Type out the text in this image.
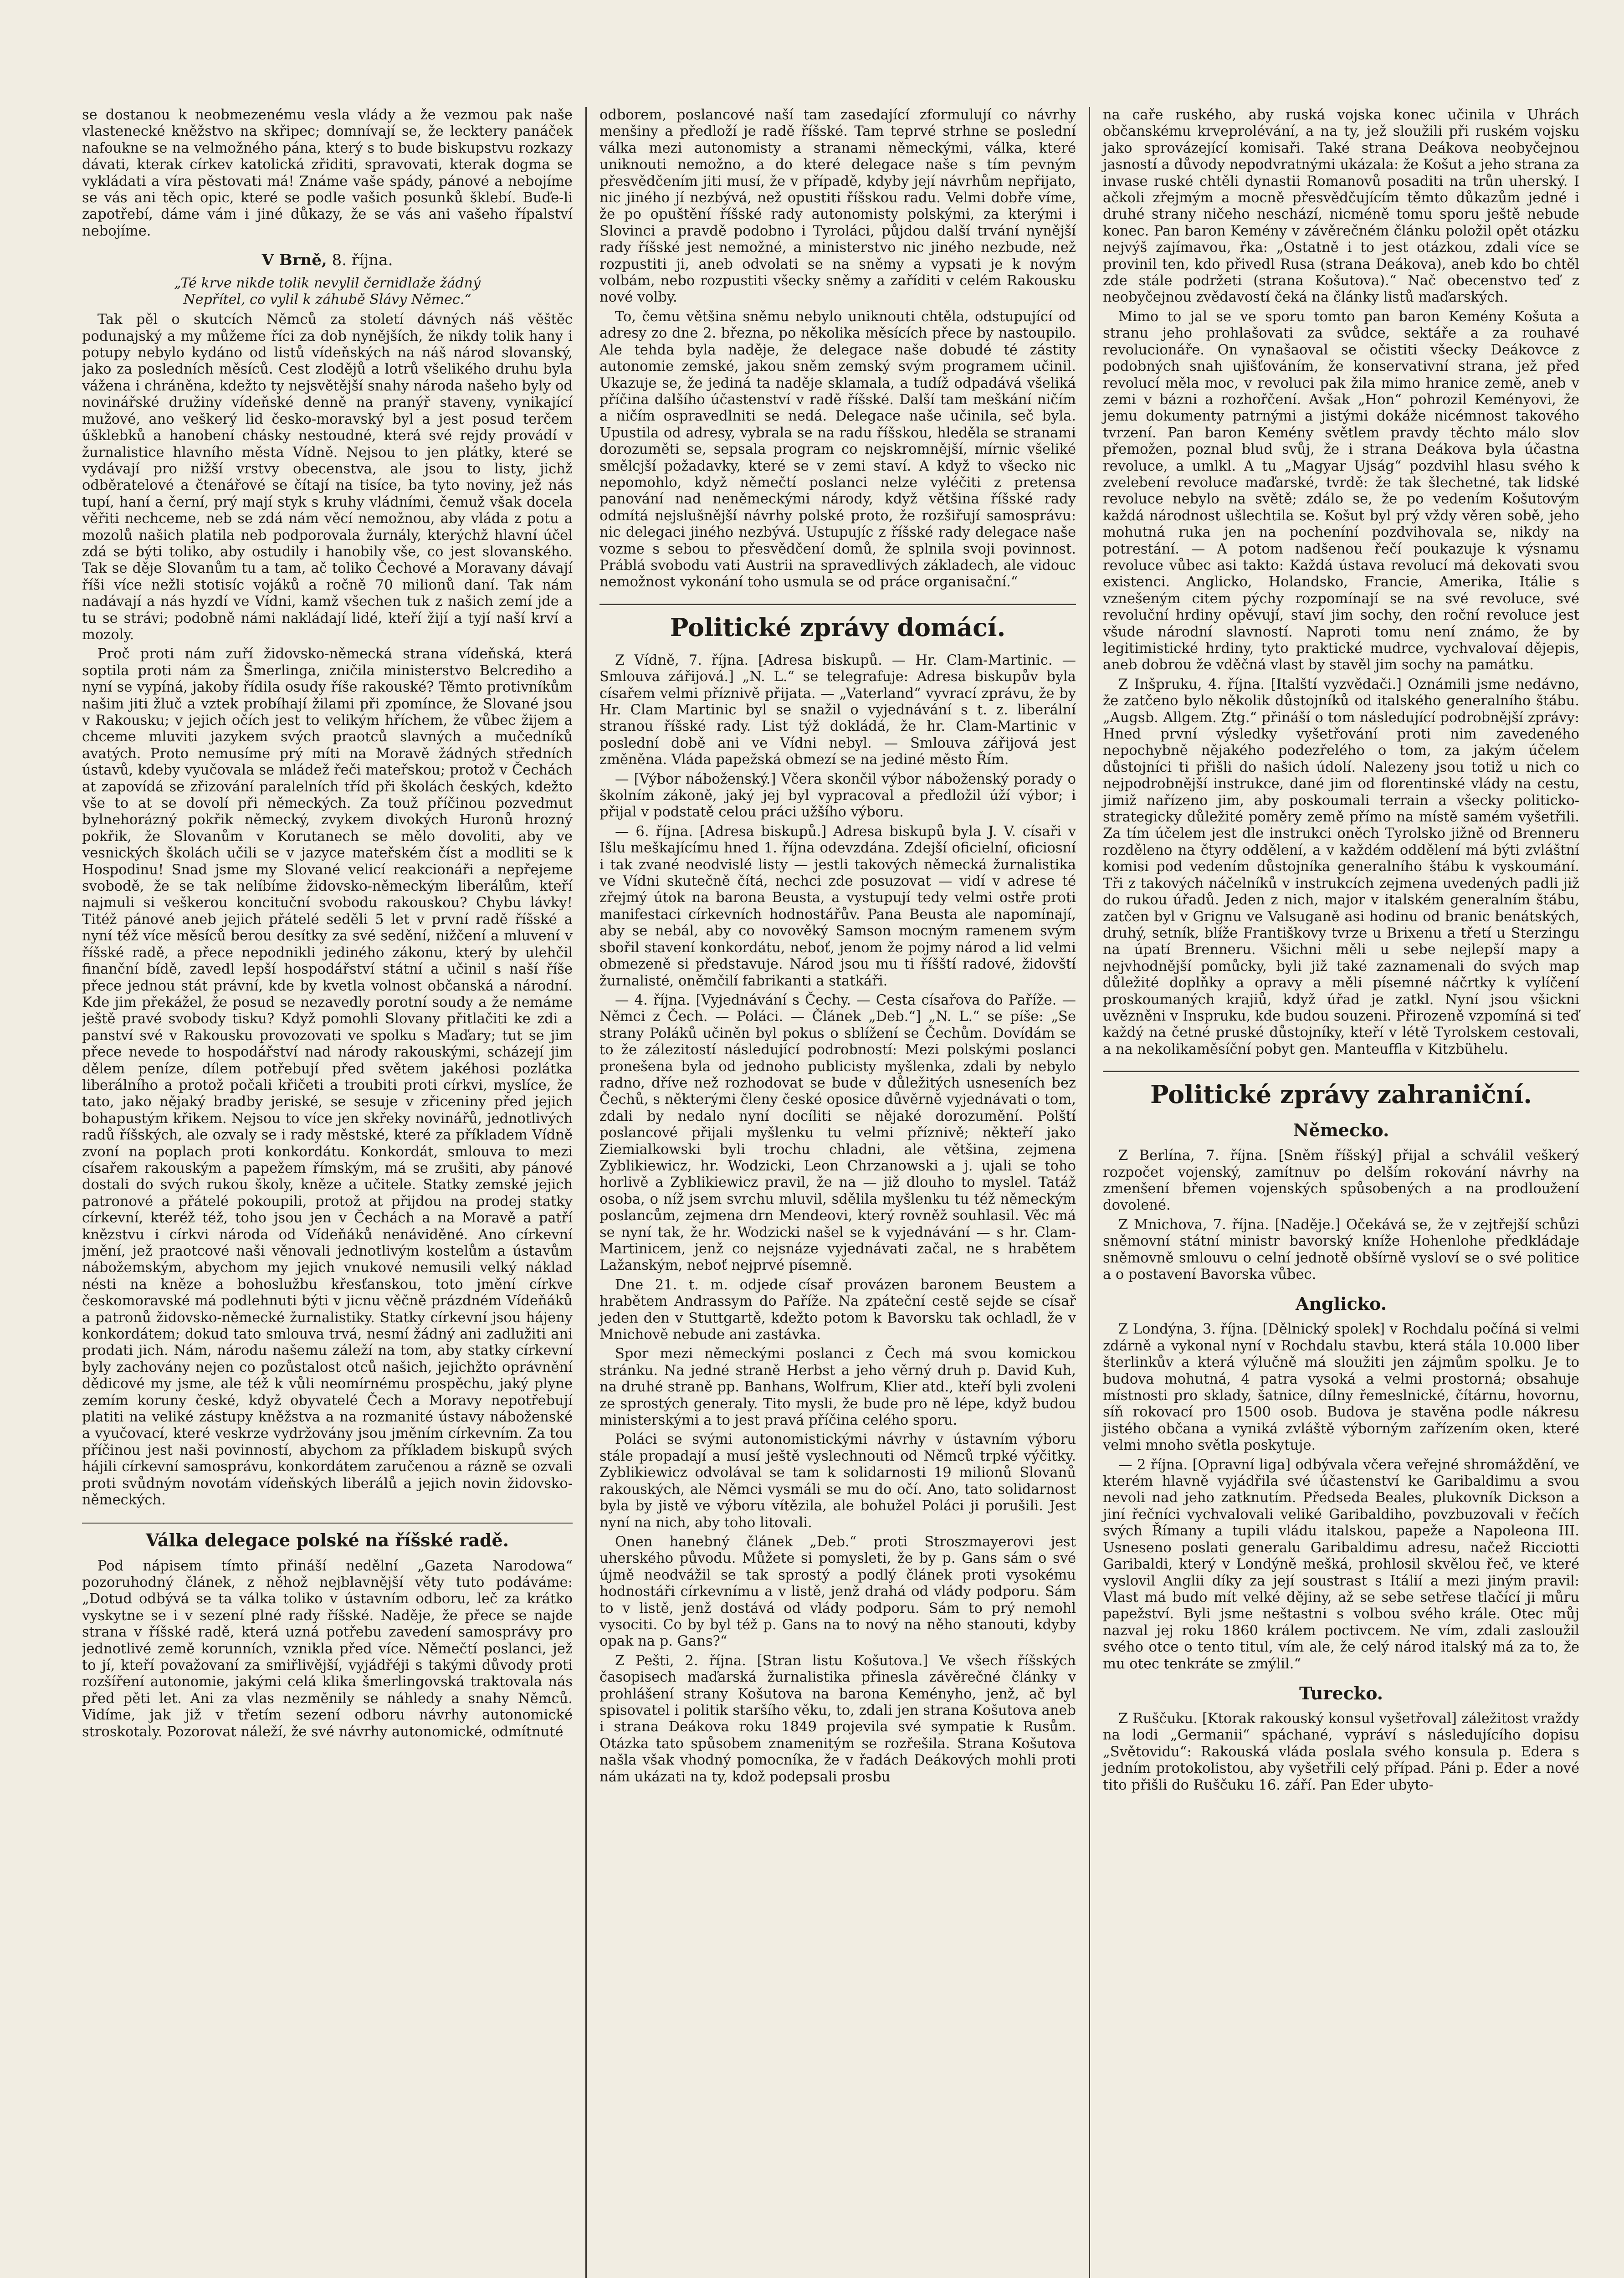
se dostanou k neobmezenému vesla vlády a že vezmou pak naše vlastenecké kněžstvo na skřipec; domnívají se, že lecktery panáček nafoukne se na velmožného pána, který s to bude biskupstvu rozkazy dávati, kterak církev katolická zřiditi, spravovati, kterak dogma se vykládati a víra pěstovati má! Známe vaše spády, pánové a nebojíme se vás ani těch opic, které se podle vašich posunků šklebí. Buďe-li zapotřebí, dáme vám i jiné důkazy, že se vás ani vašeho řípalství nebojíme.

V Brně, 8. října.
„Té krve nikde tolik nevylil černidlaže žádný
Nepřítel, co vylil k záhubě Slávy Němec.“

Tak pěl o skutcích Němců za století dávných náš věštěc podunajský a my můžeme říci za dob nynějších, že nikdy tolik hany i potupy nebylo kydáno od listů vídeňských na náš národ slovanský, jako za posledních měsíců. Cest zlodějů a lotrů všelikého druhu byla vážena i chráněna, kdežto ty nejsvětější snahy národa našeho byly od novinářské družiny vídeňské denně na pranýř staveny, vynikající mužové, ano veškerý lid česko-moravský byl a jest posud terčem úšklebků a hanobení chásky nestoudné, která své rejdy provádí v žurnalistice hlavního města Vídně. Nejsou to jen plátky, které se vydávají pro nižší vrstvy obecenstva, ale jsou to listy, jichž odběratelové a čtenářové se čítají na tisíce, ba tyto noviny, jež nás tupí, haní a černí, prý mají styk s kruhy vládními, čemuž však docela věřiti nechceme, neb se zdá nám věcí nemožnou, aby vláda z potu a mozolů našich platila neb podporovala žurnály, kterýchž hlavní účel zdá se býti toliko, aby ostudily i hanobily vše, co jest slovanského. Tak se děje Slovanům tu a tam, ač toliko Čechové a Moravany dávají říši více nežli stotisíc vojáků a ročně 70 milionů daní. Tak nám nadávají a nás hyzdí ve Vídni, kamž všechen tuk z našich zemí jde a tu se strávi; podobně námi nakládají lidé, kteří žijí a tyjí naší krví a mozoly.

Proč proti nám zuří židovsko-německá strana vídeňská, která soptila proti nám za Šmerlinga, zničila ministerstvo Belcrediho a nyní se vypíná, jakoby řídila osudy říše rakouské? Těmto protivníkům našim jiti žluč a vztek probíhají žilami při zpomínce, že Slované jsou v Rakousku; v jejich očích jest to velikým hříchem, že vůbec žijem a chceme mluviti jazykem svých praotců slavných a mučedníků avatých. Proto nemusíme prý míti na Moravě žádných středních ústavů, kdeby vyučovala se mládež řeči mateřskou; protož v Čechách at zapovídá se zřizování paralelních tříd při školách českých, kdežto vše to at se dovolí při německých. Za touž příčinou pozvedmut bylnehorázný pokřik německý, zvykem divokých Huronů hrozný pokřik, že Slovanům v Korutanech se mělo dovoliti, aby ve vesnických školách učili se v jazyce mateřském číst a modliti se k Hospodinu! Snad jsme my Slované velicí reakcionáři a nepřejeme svobodě, že se tak nelíbíme židovsko-německým liberálům, kteří najmuli si veškerou koncituční svobodu rakouskou? Chybu lávky! Titéž pánové aneb jejich přátelé seděli 5 let v první radě říšské a nyní též více měsíců berou desítky za své sedění, nižčení a mluvení v říšské radě, a přece nepodnikli jediného zákonu, který by ulehčil finanční bídě, zavedl lepší hospodářství státní a učinil s naší říše přece jednou stát právní, kde by kvetla volnost občanská a národní. Kde jim překážel, že posud se nezavedly porotní soudy a že nemáme ještě pravé svobody tisku? Když pomohli Slovany přitlačiti ke zdi a panství své v Rakousku provozovati ve spolku s Maďary; tut se jim přece nevede to hospodářství nad národy rakouskými, scházejí jim dělem peníze, dílem potřebují před světem jakéhosi pozlátka liberálního a protož počali křičeti a troubiti proti církvi, myslíce, že tato, jako nějaký bradby jeriské, se sesuje v zřiceniny před jejich bohapustým křikem. Nejsou to více jen skřeky novinářů, jednotlivých radů říšských, ale ozvaly se i rady městské, které za příkladem Vídně zvoní na poplach proti konkordátu. Konkordát, smlouva to mezi císařem rakouským a papežem římským, má se zrušiti, aby pánové dostali do svých rukou školy, kněze a učitele. Statky zemské jejich patronové a přátelé pokoupili, protož at přijdou na prodej statky církevní, kteréž též, toho jsou jen v Čechách a na Moravě a patří knězstvu i církvi národa od Vídeňáků nenáviděné. Ano církevní jmění, jež praotcové naši věnovali jednotlivým kostelům a ústavům nábožemským, abychom my jejich vnukové nemusili velký náklad nésti na kněze a bohoslužbu křesťanskou, toto jmění církve českomoravské má podlehnuti býti v jicnu věčně prázdném Vídeňáků a patronů židovsko-německé žurnalistiky. Statky církevní jsou hájeny konkordátem; dokud tato smlouva trvá, nesmí žádný ani zadlužiti ani prodati jich. Nám, národu našemu záleží na tom, aby statky církevní byly zachovány nejen co pozůstalost otců našich, jejichžto oprávnění dědicové my jsme, ale též k vůli neomírnému prospěchu, jaký plyne zemím koruny české, když obyvatelé Čech a Moravy nepotřebují platiti na veliké zástupy kněžstva a na rozmanité ústavy náboženské a vyučovací, které veskrze vydržovány jsou jměním církevním. Za tou příčinou jest naši povinností, abychom za příkladem biskupů svých hájili církevní samosprávu, konkordátem zaručenou a rázně se ozvali proti svůdným novotám vídeňských liberálů a jejich novin židovsko-německých.

Válka delegace polské na říšské radě.

Pod nápisem tímto přináší nedělní „Gazeta Narodowa“ pozoruhodný článek, z něhož nejblavnější věty tuto podáváme: „Dotud odbývá se ta válka toliko v ústavním odboru, leč za krátko vyskytne se i v sezení plné rady říšské. Naděje, že přece se najde strana v říšské radě, která uzná potřebu zavedení samosprávy pro jednotlivé země korunních, vznikla před více. Němečtí poslanci, jež to jí, kteří považovaní za smiřlivější, vyjádřéji s takými důvody proti rozšíření autonomie, jakými celá klika šmerlingovská traktovala nás před pěti let. Ani za vlas nezměnily se náhledy a snahy Němců. Vidíme, jak již v třetím sezení odboru návrhy autonomické stroskotaly. Pozorovat náleží, že své návrhy autonomické, odmítnuté

odborem, poslancové naší tam zasedající zformulují co návrhy menšiny a předloží je radě říšské. Tam teprvé strhne se poslední válka mezi autonomisty a stranami německými, válka, které uniknouti nemožno, a do které delegace naše s tím pevným přesvědčením jiti musí, že v případě, kdyby její návrhům nepřijato, nic jiného jí nezbývá, než opustiti říšskou radu. Velmi dobře víme, že po opuštění říšské rady autonomisty polskými, za kterými i Slovinci a pravdě podobno i Tyroláci, půjdou další trvání nynější rady říšské jest nemožné, a ministerstvo nic jiného nezbude, než rozpustiti ji, aneb odvolati se na sněmy a vypsati je k novým volbám, nebo rozpustiti všecky sněmy a zaříditi v celém Rakousku nové volby.

To, čemu většina sněmu nebylo uniknouti chtěla, odstupující od adresy zo dne 2. března, po několika měsících přece by nastoupilo. Ale tehda byla naděje, že delegace naše dobudé té zástity autonomie zemské, jakou sněm zemský svým programem učinil. Ukazuje se, že jediná ta naděje sklamala, a tudíž odpadává všeliká příčina dalšího účastenství v radě říšské. Další tam meškání ničím a ničím ospravedlniti se nedá. Delegace naše učinila, seč byla. Upustila od adresy, vybrala se na radu říšskou, hleděla se stranami dorozuměti se, sepsala program co nejskromnější, mírnic všeliké smělcjší požadavky, které se v zemi staví. A když to všecko nic nepomohlo, když němečtí poslanci nelze vyléčiti z pretensa panování nad neněmeckými národy, když většina říšské rady odmítá nejslušnější návrhy polské proto, že rozšiřují samosprávu: nic delegaci jiného nezbývá. Ustupujíc z říšské rady delegace naše vozme s sebou to přesvědčení domů, že splnila svoji povinnost. Práblá svobodu vati Austrii na spravedlivých základech, ale vidouc nemožnost vykonání toho usmula se od práce organisační.“

Politické zprávy domácí.

Z Vídně, 7. října. [Adresa biskupů. — Hr. Clam-Martinic. — Smlouva zářijová.] „N. L.“ se telegrafuje: Adresa biskupův byla císařem velmi příznivě přijata. — „Vaterland“ vyvrací zprávu, že by Hr. Clam Martinic byl se snažil o vyjednávání s t. z. liberální stranou říšské rady. List týž dokládá, že hr. Clam-Martinic v poslední době ani ve Vídni nebyl. — Smlouva zářijová jest změněna. Vláda papežská obmezí se na jediné město Řím.

— [Výbor náboženský.] Včera skončil výbor náboženský porady o školním zákoně, jaký jej byl vypracoval a předložil úží výbor; i přijal v podstatě celou práci užšího výboru.

— 6. října. [Adresa biskupů.] Adresa biskupů byla J. V. císaři v Išlu meškajícímu hned 1. října odevzdána. Zdejší oficielní, oficiosní i tak zvané neodvislé listy — jestli takových německá žurnalistika ve Vídni skutečně čítá, nechci zde posuzovat — vidí v adrese té zřejmý útok na barona Beusta, a vystupují tedy velmi ostře proti manifestaci církevních hodnostářův. Pana Beusta ale napomínají, aby se nebál, aby co novověký Samson mocným ramenem svým sbořil stavení konkordátu, neboť, jenom že pojmy národ a lid velmi obmezeně si představuje. Národ jsou mu ti říšští radové, židovští žurnalisté, oněmčilí fabrikanti a statkáři.

— 4. října. [Vyjednávání s Čechy. — Cesta císařova do Paříže. — Němci z Čech. — Poláci. — Článek „Deb.“] „N. L.“ se píše: „Se strany Poláků učiněn byl pokus o sblížení se Čechům. Dovídám se to že zálezitostí následující podrobností: Mezi polskými poslanci pronešena byla od jednoho publicisty myšlenka, zdali by nebylo radno, dříve než rozhodovat se bude v důležitých usneseních bez Čechů, s některými členy české oposice důvěrně vyjednávati o tom, zdali by nedalo nyní docíliti se nějaké dorozumění. Polští poslancové přijali myšlenku tu velmi příznivě; někteří jako Ziemialkowski byli trochu chladni, ale většina, zejmena Zyblikiewicz, hr. Wodzicki, Leon Chrzanowski a j. ujali se toho horlivě a Zyblikiewicz pravil, že na — již dlouho to myslel. Tatáž osoba, o níž jsem svrchu mluvil, sdělila myšlenku tu též německým poslancům, zejmena drn Mendeovi, který rovněž souhlasil. Věc má se nyní tak, že hr. Wodzicki našel se k vyjednávání — s hr. Clam-Martinicem, jenž co nejsnáze vyjednávati začal, ne s hrabětem Lažanským, neboť nejprvé písemně.

Dne 21. t. m. odjede císař provázen baronem Beustem a hrabětem Andrassym do Paříže. Na zpáteční cestě sejde se císař jeden den v Stuttgartě, kdežto potom k Bavorsku tak ochladl, že v Mnichově nebude ani zastávka.

Spor mezi německými poslanci z Čech má svou komickou stránku. Na jedné straně Herbst a jeho věrný druh p. David Kuh, na druhé straně pp. Banhans, Wolfrum, Klier atd., kteří byli zvoleni ze sprostých generaly. Tito mysli, že bude pro ně lépe, když budou ministerskými a to jest pravá příčina celého sporu.

Poláci se svými autonomistickými návrhy v ústavním výboru stále propadají a musí ještě vyslechnouti od Němců trpké výčitky. Zyblikiewicz odvolával se tam k solidarnosti 19 milionů Slovanů rakouských, ale Němci vysmáli se mu do očí. Ano, tato solidarnost byla by jistě ve výboru vítězila, ale bohužel Poláci ji porušili. Jest nyní na nich, aby toho litovali.

Onen hanebný článek „Deb.“ proti Stroszmayerovi jest uherského původu. Můžete si pomysleti, že by p. Gans sám o své újmě neodvážil se tak sprostý a podlý článek proti vysokému hodnostáři církevnímu a v listě, jenž drahá od vlády podporu. Sám to v listě, jenž dostává od vlády podporu. Sám to prý nemohl vysociti. Co by byl též p. Gans na to nový na něho stanouti, kdyby opak na p. Gans?“

Z Pešti, 2. října. [Stran listu Košutova.] Ve všech říšských časopisech maďarská žurnalistika přinesla závěrečné články v prohlášení strany Košutova na barona Keményho, jenž, ač byl spisovatel i politik staršího věku, to, zdali jen strana Košutova aneb i strana Deákova roku 1849 projevila své sympatie k Rusům. Otázka tato spůsobem znamenitým se rozřešila. Strana Košutova našla však vhodný pomocníka, že v řadách Deákových mohli proti nám ukázati na ty, kdož podepsali prosbu

na caře ruského, aby ruská vojska konec učinila v Uhrách občanskému krveprolévání, a na ty, jež sloužili při ruském vojsku jako sprovázející komisaři. Také strana Deákova neobyčejnou jasností a důvody nepodvratnými ukázala: že Košut a jeho strana za invase ruské chtěli dynastii Romanovů posaditi na trůn uherský. I ačkoli zřejmým a mocně přesvědčujícím těmto důkazům jedné i druhé strany ničeho neschází, nicméně tomu sporu ještě nebude konec. Pan baron Kemény v závěrečném článku položil opět otázku nejvýš zajímavou, řka: „Ostatně i to jest otázkou, zdali více se provinil ten, kdo přivedl Rusa (strana Deákova), aneb kdo bo chtěl zde stále podržeti (strana Košutova).“ Nač obecenstvo teď z neobyčejnou zvědavostí čeká na články listů maďarských.

Mimo to jal se ve sporu tomto pan baron Kemény Košuta a stranu jeho prohlašovati za svůdce, sektáře a za rouhavé revolucionáře. On vynašaoval se očistiti všecky Deákovce z podobných snah ujišťováním, že konservativní strana, jež před revolucí měla moc, v revoluci pak žila mimo hranice země, aneb v zemi v bázni a rozhořčení. Avšak „Hon“ pohrozil Keményovi, že jemu dokumenty patrnými a jistými dokáže nicémnost takového tvrzení. Pan baron Kemény světlem pravdy těchto málo slov přemožen, poznal blud svůj, že i strana Deákova byla účastna revoluce, a umlkl. A tu „Magyar Ujság“ pozdvihl hlasu svého k zvelebení revoluce maďarské, tvrdě: že tak šlechetné, tak lidské revoluce nebylo na světě; zdálo se, že po vedením Košutovým každá národnost ušlechtila se. Košut byl prý vždy věren sobě, jeho mohutná ruka jen na pocheníní pozdvihovala se, nikdy na potrestání. — A potom nadšenou řečí poukazuje k výsnamu revoluce vůbec asi takto: Každá ústava revolucí má dekovati svou existenci. Anglicko, Holandsko, Francie, Amerika, Itálie s vznešeným citem pýchy rozpomínají se na své revoluce, své revoluční hrdiny opěvují, staví jim sochy, den roční revoluce jest všude národní slavností. Naproti tomu není známo, že by legitimistické hrdiny, tyto praktické mudrce, vychvalovaí dějepis, aneb dobrou že vděčná vlast by stavěl jim sochy na památku.

Z Inšpruku, 4. října. [Italští vyzvědači.] Oznámili jsme nedávno, že zatčeno bylo několik důstojníků od italského generalního štábu. „Augsb. Allgem. Ztg.“ přináší o tom následující podrobnější zprávy: Hned první výsledky vyšetřování proti nim zavedeného nepochybně nějakého podezřelého o tom, za jakým účelem důstojníci ti přišli do našich údolí. Nalezeny jsou totiž u nich co nejpodrobnější instrukce, dané jim od florentinské vlády na cestu, jimiž nařízeno jim, aby poskoumali terrain a všecky politicko-strategicky důležité poměry země přímo na místě samém vyšetřili. Za tím účelem jest dle instrukci oněch Tyrolsko jižně od Brenneru rozděleno na čtyry oddělení, a v každém oddělení má býti zvláštní komisi pod vedením důstojníka generalního štábu k vyskoumání. Tři z takových náčelníků v instrukcích zejmena uvedených padli již do rukou úřadů. Jeden z nich, major v italském generalním štábu, zatčen byl v Grignu ve Valsuganě asi hodinu od branic benátských, druhý, setník, blíže Františkovy tvrze u Brixenu a třetí u Sterzingu na úpatí Brenneru. Všichni měli u sebe nejlepší mapy a nejvhodnější pomůcky, byli již také zaznamenali do svých map důležité doplňky a opravy a měli písemné náčrtky k vylíčení proskoumaných krajiů, když úřad je zatkl. Nyní jsou všickni uvězněni v Inspruku, kde budou souzeni. Přirozeně vzpomíná si teď každý na četné pruské důstojníky, kteří v létě Tyrolskem cestovali, a na nekolikaměsíční pobyt gen. Manteuffla v Kitzbühelu.

Politické zprávy zahraniční.
Německo.

Z Berlína, 7. října. [Sněm říšský] přijal a schválil veškerý rozpočet vojenský, zamítnuv po delším rokování návrhy na zmenšení břemen vojenských spůsobených a na prodloužení dovolené.

Z Mnichova, 7. října. [Naděje.] Očekává se, že v zejtřejší schůzi sněmovní státní ministr bavorský kníže Hohenlohe předkládaje sněmovně smlouvu o celní jednotě obšírně vysloví se o své politice a o postavení Bavorska vůbec.

Anglicko.

Z Londýna, 3. října. [Dělnický spolek] v Rochdalu počíná si velmi zdárně a vykonal nyní v Rochdalu stavbu, která stála 10.000 liber šterlinkův a která výlučně má sloužiti jen zájmům spolku. Je to budova mohutná, 4 patra vysoká a velmi prostorná; obsahuje místnosti pro sklady, šatnice, dílny řemeslnické, čítárnu, hovornu, síň rokovací pro 1500 osob. Budova je stavěna podle nákresu jistého občana a vyniká zvláště výborným zařízením oken, které velmi mnoho světla poskytuje.

— 2 října. [Opravní liga] odbývala včera veřejné shromáždění, ve kterém hlavně vyjádřila své účastenství ke Garibaldimu a svou nevoli nad jeho zatknutím. Předseda Beales, plukovník Dickson a jiní řečníci vychvalovali veliké Garibaldiho, povzbuzovali v řečích svých Římany a tupili vládu italskou, papeže a Napoleona III. Usneseno poslati generalu Garibaldimu adresu, načež Ricciotti Garibaldi, který v Londýně mešká, prohlosil skvělou řeč, ve které vyslovil Anglii díky za její soustrast s Itálií a mezi jiným pravil: Vlast má budo mít velké dějiny, až se sebe setřese tlačící ji můru papežství. Byli jsme neštastni s volbou svého krále. Otec můj nazval jej roku 1860 králem poctivcem. Ne vím, zdali zasloužil svého otce o tento titul, vím ale, že celý národ italský má za to, že mu otec tenkráte se zmýlil.“

Turecko.

Z Ruščuku. [Ktorak rakouský konsul vyšetřoval] záležitost vraždy na lodi „Germanii“ spáchané, vypráví s následujícího dopisu „Světovidu“: Rakouská vláda poslala svého konsula p. Edera s jedním protokolistou, aby vyšetřili celý případ. Páni p. Eder a nové tito přišli do Ruščuku 16. září. Pan Eder ubyto-
